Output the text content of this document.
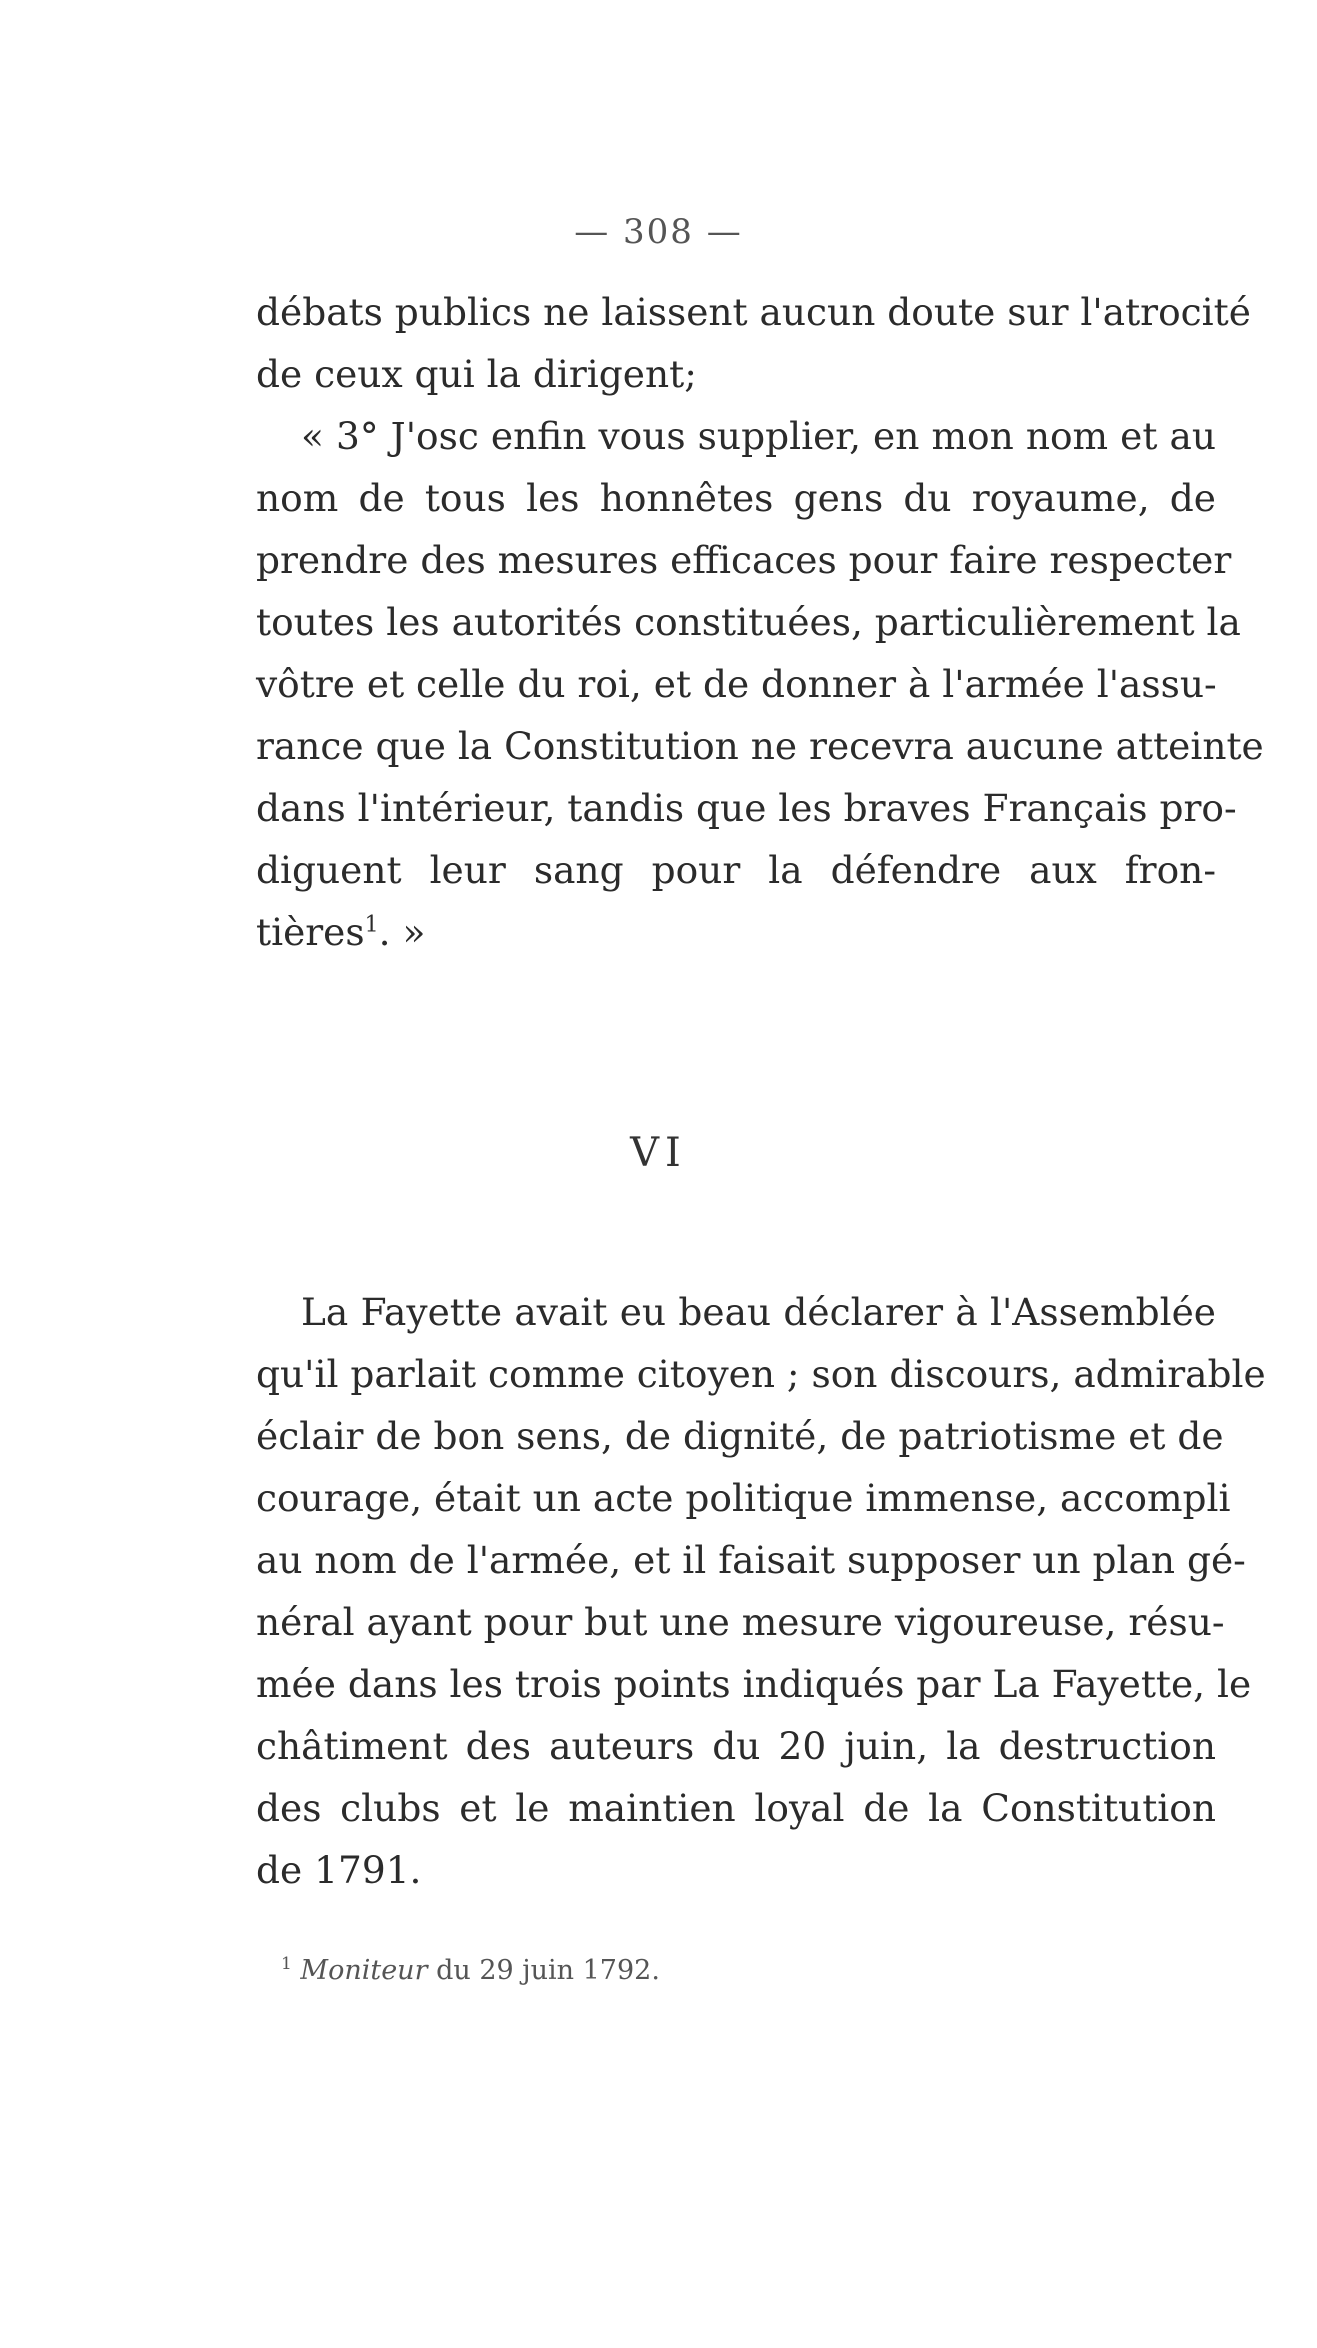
— 308 —

débats publics ne laissent aucun doute sur l'atrocité
de ceux qui la dirigent;

« 3° J'osc enfin vous supplier, en mon nom et au
nom de tous les honnêtes gens du royaume, de
prendre des mesures efficaces pour faire respecter
toutes les autorités constituées, particulièrement la
vôtre et celle du roi, et de donner à l'armée l'assu-
rance que la Constitution ne recevra aucune atteinte
dans l'intérieur, tandis que les braves Français pro-
diguent leur sang pour la défendre aux fron-
tières$^1$. »

VI

La Fayette avait eu beau déclarer à l'Assemblée
qu'il parlait comme citoyen ; son discours, admirable
éclair de bon sens, de dignité, de patriotisme et de
courage, était un acte politique immense, accompli
au nom de l'armée, et il faisait supposer un plan gé-
néral ayant pour but une mesure vigoureuse, résu-
mée dans les trois points indiqués par La Fayette, le
châtiment des auteurs du 20 juin, la destruction
des clubs et le maintien loyal de la Constitution
de 1791.

$^1$ Moniteur du 29 juin 1792.
